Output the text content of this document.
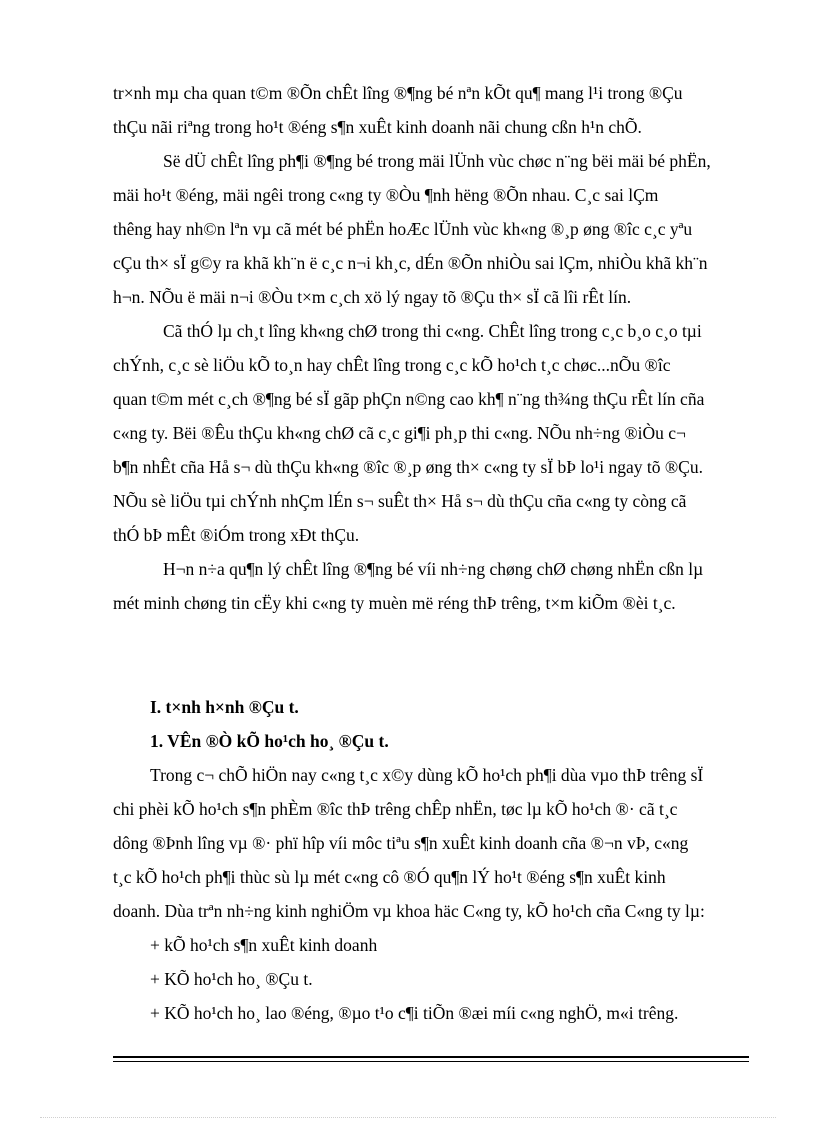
tr×nh mµ cha quan t©m ®Õn chÊt lîng ®¶ng bé nªn kÕt qu¶ mang l¹i trong ®Çu

thÇu nãi riªng trong ho¹t ®éng s¶n xuÊt kinh doanh nãi chung cßn h¹n chÕ.

Së dÜ chÊt lîng ph¶i ®¶ng bé trong mäi lÜnh vùc chøc n¨ng bëi mäi bé phËn,

mäi ho¹t ®éng, mäi ngêi trong c«ng ty ®Òu ¶nh hëng ®Õn nhau. C¸c sai lÇm

thêng hay nh©n lªn vµ cã mét bé phËn hoÆc lÜnh vùc kh«ng ®¸p øng ®îc c¸c yªu

cÇu th× sÏ g©y ra khã kh¨n ë c¸c n¬i kh¸c, dÉn ®Õn nhiÒu sai lÇm, nhiÒu khã kh¨n

h¬n. NÕu ë mäi n¬i ®Òu t×m c¸ch xö lý ngay tõ ®Çu th× sÏ cã lîi rÊt lín.

Cã thÓ lµ ch¸t lîng kh«ng chØ trong thi c«ng. ChÊt lîng trong c¸c b¸o c¸o tµi

chÝnh, c¸c sè liÖu kÕ to¸n hay chÊt lîng trong c¸c kÕ ho¹ch t¸c chøc...nÕu ®îc

quan t©m mét c¸ch ®¶ng bé sÏ gãp phÇn n©ng cao kh¶ n¨ng th¾ng thÇu rÊt lín cña

c«ng ty. Bëi ®Êu thÇu kh«ng chØ cã c¸c gi¶i ph¸p thi c«ng. NÕu nh÷ng ®iÒu c¬

b¶n nhÊt cña Hå s¬ dù thÇu kh«ng ®îc ®¸p øng th× c«ng ty sÏ bÞ lo¹i ngay tõ ®Çu.

NÕu sè liÖu tµi chÝnh nhÇm lÉn s¬ suÊt th× Hå s¬ dù thÇu cña c«ng ty còng cã

thÓ bÞ mÊt ®iÓm trong xÐt thÇu.

H¬n n÷a qu¶n lý chÊt lîng ®¶ng bé víi nh÷ng chøng chØ chøng nhËn cßn lµ

mét minh chøng tin cËy khi c«ng ty muèn më réng thÞ trêng, t×m kiÕm ®èi t¸c.

I. t×nh h×nh ®Çu t.

1. VÊn ®Ò kÕ ho¹ch ho¸ ®Çu t.

Trong c¬ chÕ hiÖn nay c«ng t¸c x©y dùng kÕ ho¹ch ph¶i dùa vµo thÞ trêng sÏ

chi phèi kÕ ho¹ch s¶n phÈm ®îc thÞ trêng chÊp nhËn, tøc lµ kÕ ho¹ch ®· cã t¸c

dông ®Þnh lîng vµ ®· phï hîp víi môc tiªu s¶n xuÊt kinh doanh cña ®¬n vÞ, c«ng

t¸c kÕ ho¹ch ph¶i thùc sù lµ mét c«ng cô ®Ó qu¶n lÝ ho¹t ®éng s¶n xuÊt kinh

doanh. Dùa trªn nh÷ng kinh nghiÖm vµ khoa häc C«ng ty, kÕ ho¹ch cña C«ng ty lµ:

+ kÕ ho¹ch s¶n xuÊt kinh doanh

+ KÕ ho¹ch ho¸ ®Çu t.

+ KÕ ho¹ch ho¸ lao ®éng, ®µo t¹o c¶i tiÕn ®æi míi c«ng nghÖ, m«i trêng.
